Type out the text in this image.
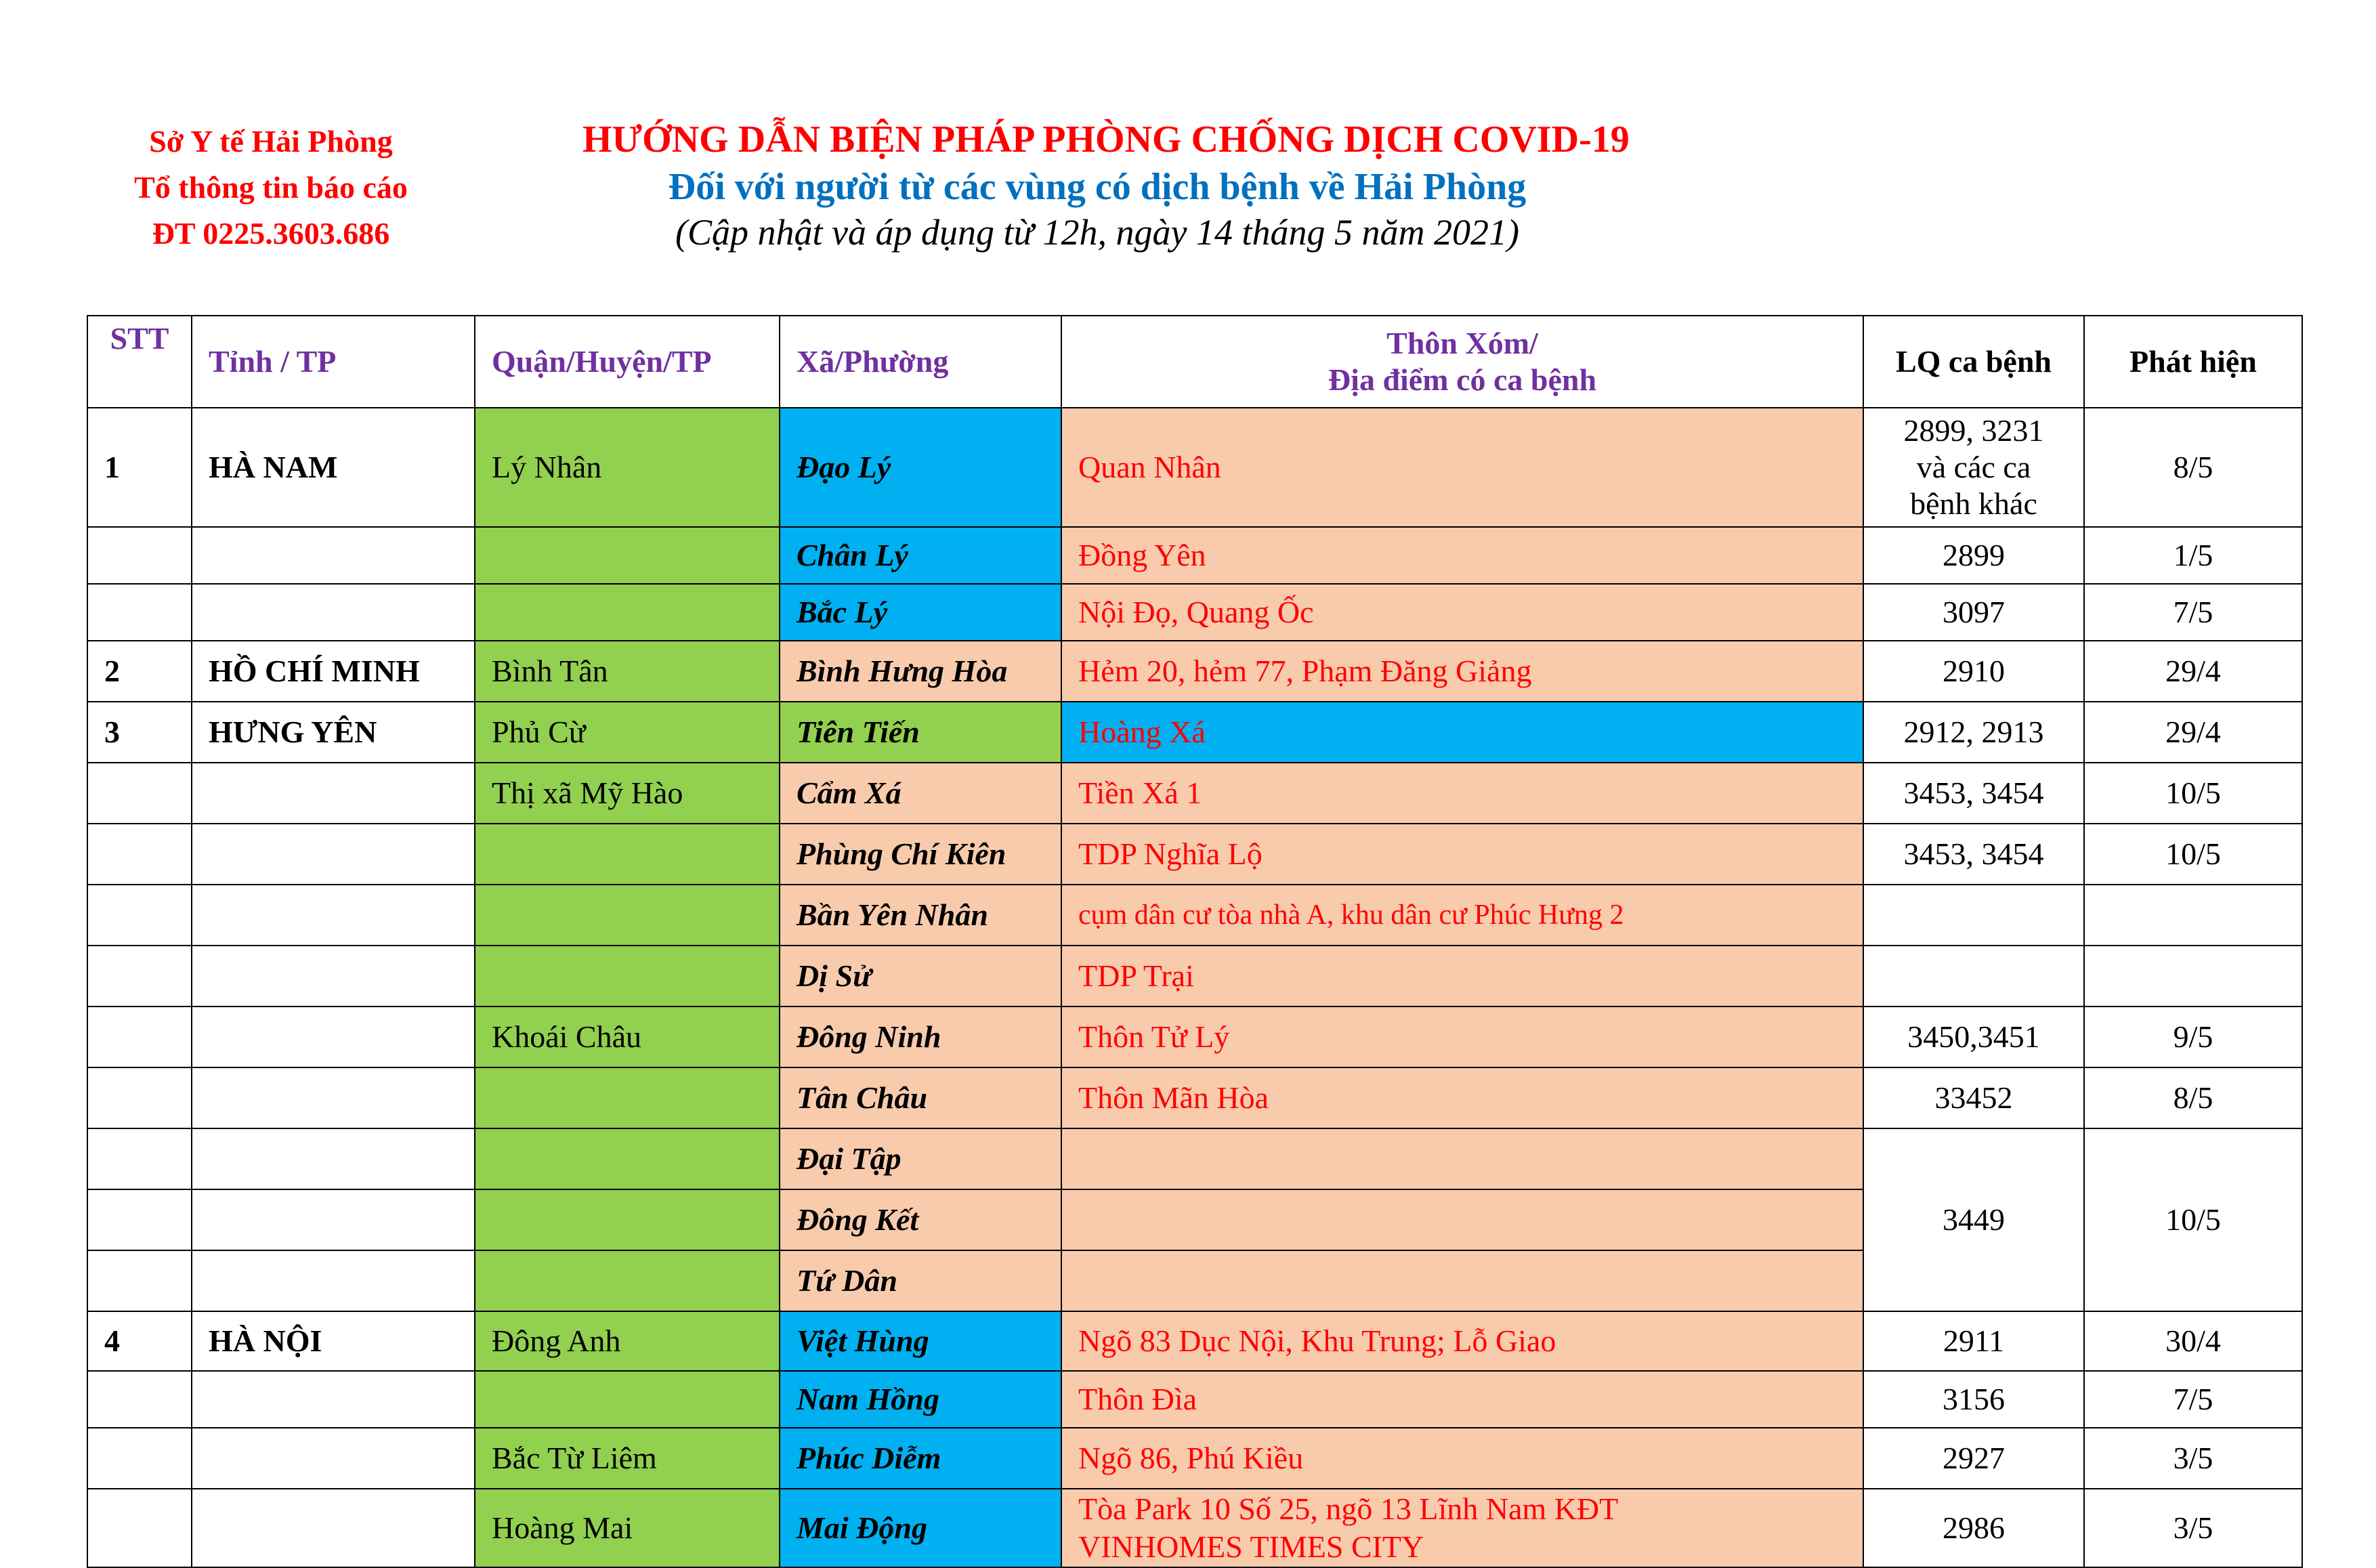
Sở Y tế Hải Phòng
Tổ thông tin báo cáo
ĐT 0225.3603.686
HƯỚNG DẪN BIỆN PHÁP PHÒNG CHỐNG DỊCH COVID-19
Đối với người từ các vùng có dịch bệnh về Hải Phòng
(Cập nhật và áp dụng từ 12h, ngày 14 tháng 5 năm 2021)
STT	Tỉnh / TP	Quận/Huyện/TP	Xã/Phường	Thôn Xóm/
Địa điểm có ca bệnh	LQ ca bệnh	Phát hiện
1	HÀ NAM	Lý Nhân	Đạo Lý	Quan Nhân	2899, 3231
và các ca
bệnh khác	8/5
			Chân Lý	Đồng Yên	2899	1/5
			Bắc Lý	Nội Đọ, Quang Ốc	3097	7/5
2	HỒ CHÍ MINH	Bình Tân	Bình Hưng Hòa	Hẻm 20, hẻm 77, Phạm Đăng Giảng	2910	29/4
3	HƯNG YÊN	Phủ Cừ	Tiên Tiến	Hoàng Xá	2912, 2913	29/4
		Thị xã Mỹ Hào	Cẩm Xá	Tiền Xá 1	3453, 3454	10/5
			Phùng Chí Kiên	TDP Nghĩa Lộ	3453, 3454	10/5
			Bần Yên Nhân	cụm dân cư tòa nhà A, khu dân cư Phúc Hưng 2		
			Dị Sử	TDP Trại		
		Khoái Châu	Đông Ninh	Thôn Tử Lý	3450,3451	9/5
			Tân Châu	Thôn Mãn Hòa	33452	8/5
			Đại Tập		3449	10/5
			Đông Kết			
			Tứ Dân			
4	HÀ NỘI	Đông Anh	Việt Hùng	Ngõ 83 Dục Nội, Khu Trung; Lỗ Giao	2911	30/4
			Nam Hồng	Thôn Đìa	3156	7/5
		Bắc Từ Liêm	Phúc Diễm	Ngõ 86, Phú Kiều	2927	3/5
		Hoàng Mai	Mai Động	Tòa Park 10 Số 25, ngõ 13 Lĩnh Nam KĐT
VINHOMES TIMES CITY	2986	3/5
